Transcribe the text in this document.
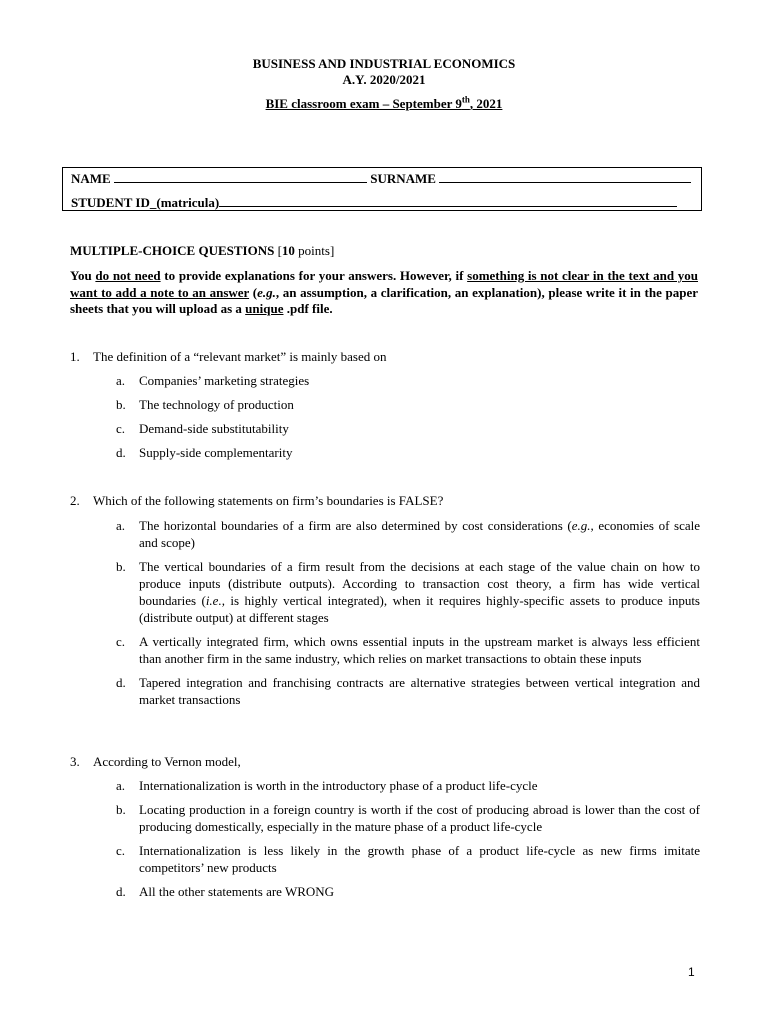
BUSINESS AND INDUSTRIAL ECONOMICS
A.Y. 2020/2021
BIE classroom exam – September 9th, 2021
NAME	SURNAME
STUDENT ID_(matricula)
MULTIPLE-CHOICE QUESTIONS [10 points]
You do not need to provide explanations for your answers. However, if something is not clear in the text and you want to add a note to an answer (e.g., an assumption, a clarification, an explanation), please write it in the paper sheets that you will upload as a unique .pdf file.
1. The definition of a “relevant market” is mainly based on
a. Companies’ marketing strategies
b. The technology of production
c. Demand-side substitutability
d. Supply-side complementarity
2. Which of the following statements on firm’s boundaries is FALSE?
a. The horizontal boundaries of a firm are also determined by cost considerations (e.g., economies of scale and scope)
b. The vertical boundaries of a firm result from the decisions at each stage of the value chain on how to produce inputs (distribute outputs). According to transaction cost theory, a firm has wide vertical boundaries (i.e., is highly vertical integrated), when it requires highly-specific assets to produce inputs (distribute output) at different stages
c. A vertically integrated firm, which owns essential inputs in the upstream market is always less efficient than another firm in the same industry, which relies on market transactions to obtain these inputs
d. Tapered integration and franchising contracts are alternative strategies between vertical integration and market transactions
3. According to Vernon model,
a. Internationalization is worth in the introductory phase of a product life-cycle
b. Locating production in a foreign country is worth if the cost of producing abroad is lower than the cost of producing domestically, especially in the mature phase of a product life-cycle
c. Internationalization is less likely in the growth phase of a product life-cycle as new firms imitate competitors’ new products
d. All the other statements are WRONG
1
